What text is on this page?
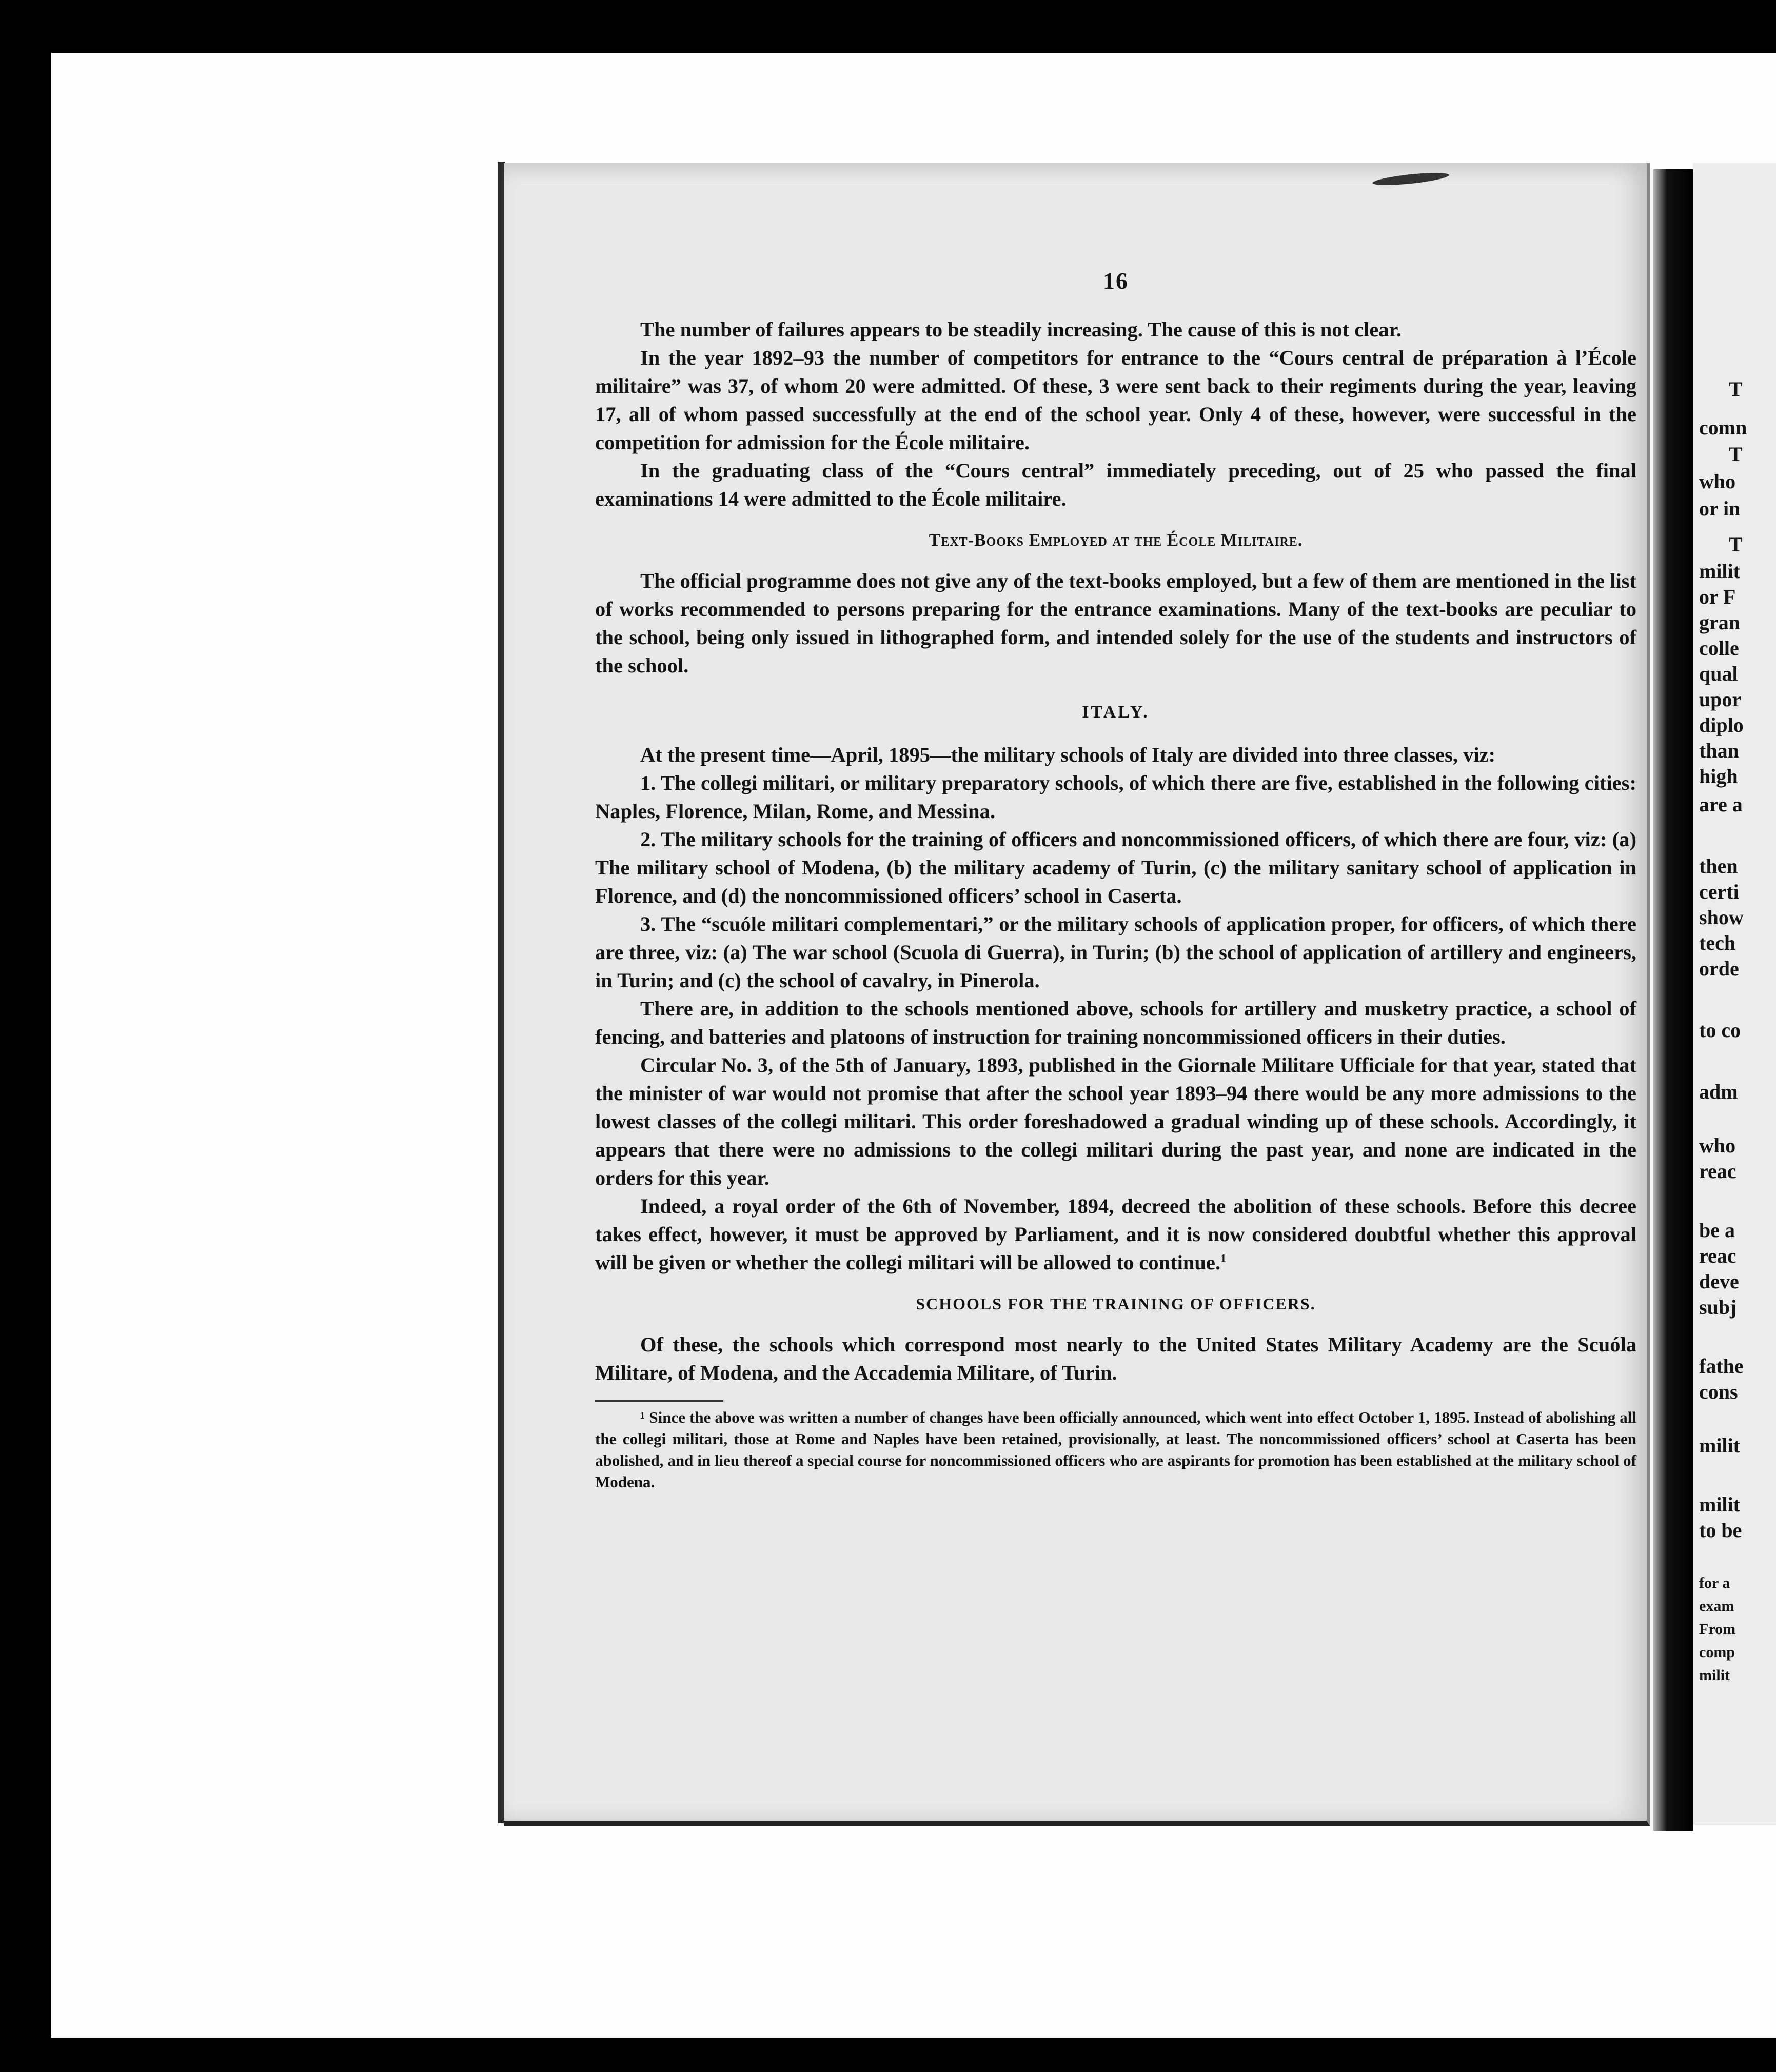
16

The number of failures appears to be steadily increasing. The cause of this is not clear.

In the year 1892–93 the number of competitors for entrance to the “Cours central de préparation à l’École militaire” was 37, of whom 20 were admitted. Of these, 3 were sent back to their regiments during the year, leaving 17, all of whom passed successfully at the end of the school year. Only 4 of these, however, were successful in the competition for admission for the École militaire.

In the graduating class of the “Cours central” immediately preceding, out of 25 who passed the final examinations 14 were admitted to the École militaire.

Text-Books Employed at the École Militaire.

The official programme does not give any of the text-books employed, but a few of them are mentioned in the list of works recommended to persons preparing for the entrance examinations. Many of the text-books are peculiar to the school, being only issued in lithographed form, and intended solely for the use of the students and instructors of the school.

ITALY.

At the present time—April, 1895—the military schools of Italy are divided into three classes, viz:

1. The collegi militari, or military preparatory schools, of which there are five, established in the following cities: Naples, Florence, Milan, Rome, and Messina.

2. The military schools for the training of officers and noncommissioned officers, of which there are four, viz: (a) The military school of Modena, (b) the military academy of Turin, (c) the military sanitary school of application in Florence, and (d) the noncommissioned officers’ school in Caserta.

3. The “scuóle militari complementari,” or the military schools of application proper, for officers, of which there are three, viz: (a) The war school (Scuola di Guerra), in Turin; (b) the school of application of artillery and engineers, in Turin; and (c) the school of cavalry, in Pinerola.

There are, in addition to the schools mentioned above, schools for artillery and musketry practice, a school of fencing, and batteries and platoons of instruction for training noncommissioned officers in their duties.

Circular No. 3, of the 5th of January, 1893, published in the Giornale Militare Ufficiale for that year, stated that the minister of war would not promise that after the school year 1893–94 there would be any more admissions to the lowest classes of the collegi militari. This order foreshadowed a gradual winding up of these schools. Accordingly, it appears that there were no admissions to the collegi militari during the past year, and none are indicated in the orders for this year.

Indeed, a royal order of the 6th of November, 1894, decreed the abolition of these schools. Before this decree takes effect, however, it must be approved by Parliament, and it is now considered doubtful whether this approval will be given or whether the collegi militari will be allowed to continue.$^1$

SCHOOLS FOR THE TRAINING OF OFFICERS.

Of these, the schools which correspond most nearly to the United States Military Academy are the Scuóla Militare, of Modena, and the Accademia Militare, of Turin.

¹ Since the above was written a number of changes have been officially announced, which went into effect October 1, 1895. Instead of abolishing all the collegi militari, those at Rome and Naples have been retained, provisionally, at least. The noncommissioned officers’ school at Caserta has been abolished, and in lieu thereof a special course for noncommissioned officers who are aspirants for promotion has been established at the military school of Modena.

T
comn
T
who
or in
T
milit
or F
gran
colle
qual
upor
diplo
than
high
are a
then
certi
show
tech
orde
to co
adm
who
reac
be a
reac
deve
subj
fathe
cons
milit
milit
to be
for a
exam
From
comp
milit
